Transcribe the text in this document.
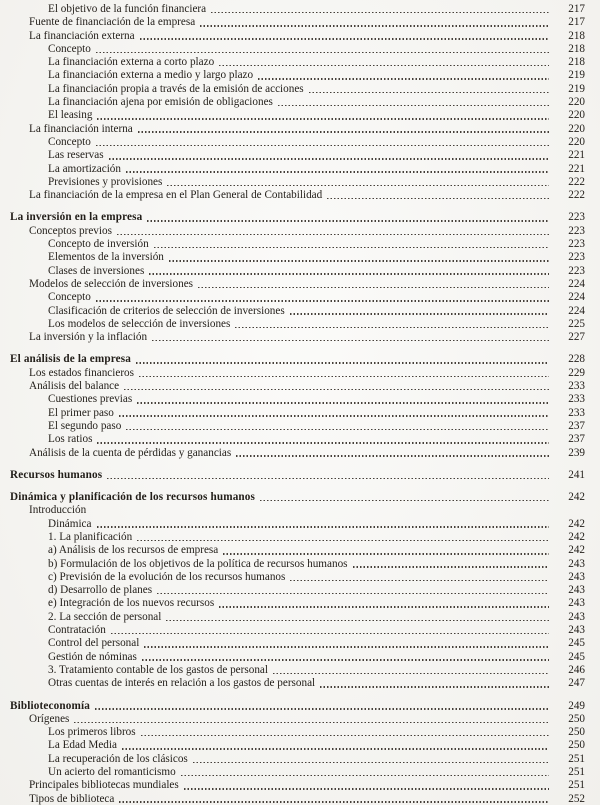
El objetivo de la función financiera	217
Fuente de financiación de la empresa	217
La financiación externa	218
Concepto	218
La financiación externa a corto plazo	218
La financiación externa a medio y largo plazo	219
La financiación propia a través de la emisión de acciones	219
La financiación ajena por emisión de obligaciones	220
El leasing	220
La financiación interna	220
Concepto	220
Las reservas	221
La amortización	221
Previsiones y provisiones	222
La financiación de la empresa en el Plan General de Contabilidad	222
La inversión en la empresa	223
Conceptos previos	223
Concepto de inversión	223
Elementos de la inversión	223
Clases de inversiones	223
Modelos de selección de inversiones	224
Concepto	224
Clasificación de criterios de selección de inversiones	224
Los modelos de selección de inversiones	225
La inversión y la inflación	227
El análisis de la empresa	228
Los estados financieros	229
Análisis del balance	233
Cuestiones previas	233
El primer paso	233
El segundo paso	237
Los ratios	237
Análisis de la cuenta de pérdidas y ganancias	239
Recursos humanos	241
Dinámica y planificación de los recursos humanos	242
Introducción
Dinámica	242
1. La planificación	242
a) Análisis de los recursos de empresa	242
b) Formulación de los objetivos de la política de recursos humanos	243
c) Previsión de la evolución de los recursos humanos	243
d) Desarrollo de planes	243
e) Integración de los nuevos recursos	243
2. La sección de personal	243
Contratación	243
Control del personal	245
Gestión de nóminas	245
3. Tratamiento contable de los gastos de personal	246
Otras cuentas de interés en relación a los gastos de personal	247
Biblioteconomía	249
Orígenes	250
Los primeros libros	250
La Edad Media	250
La recuperación de los clásicos	251
Un acierto del romanticismo	251
Principales bibliotecas mundiales	251
Tipos de biblioteca	252
